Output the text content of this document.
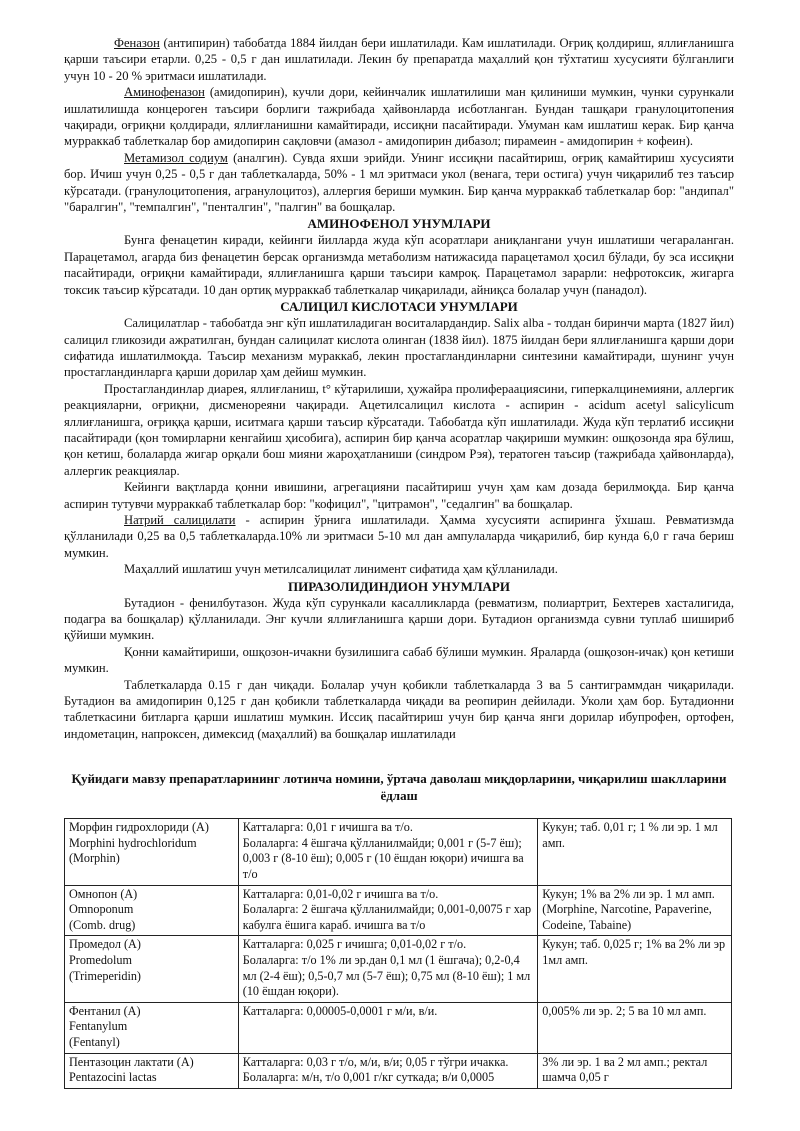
Феназон (антипирин) табобатда 1884 йилдан бери ишлатилади. Кам ишлатилади. Оғриқ қолдириш, яллиғланишга қарши таъсири етарли. 0,25 - 0,5 г дан ишлатилади. Лекин бу препаратда маҳаллий қон тўхтатиш хусусияти бўлганлиги учун 10 - 20 % эритмаси ишлатилади.

Аминофеназон (амидопирин), кучли дори, кейинчалик ишлатилиши ман қилиниши мумкин, чунки сурункали ишлатилишда концероген таъсири борлиги тажрибада ҳайвонларда исботланган. Бундан ташқари гранулоцитопения чақиради, оғриқни қолдиради, яллиғланишни камайтиради, иссиқни пасайтиради. Умуман кам ишлатиш керак. Бир қанча мурраккаб таблеткалар бор амидопирин сақловчи (амазол - амидопирин дибазол; пирамеин - амидопирин + кофеин).

Метамизол содиум (аналгин). Сувда яхши эрийди. Унинг иссиқни пасайтириш, оғриқ камайтириш хусусияти бор. Ичиш учун 0,25 - 0,5 г дан таблеткаларда, 50% - 1 мл эритмаси укол (венага, тери остига) учун чиқарилиб тез таъсир кўрсатади. (гранулоцитопения, агранулоцитоз), аллергия бериши мумкин. Бир қанча мурраккаб таблеткалар бор: "андипал" "баралгин", "темпалгин", "пенталгин", "палгин" ва бошқалар.

АМИНОФЕНОЛ УНУМЛАРИ

Бунга фенацетин киради, кейинги йилларда жуда кўп асоратлари аниқлангани учун ишлатиши чегараланган. Парацетамол, агарда биз фенацетин берсак организмда метаболизм натижасида парацетамол ҳосил бўлади, бу эса иссиқни пасайтиради, оғриқни камайтиради, яллиғланишга қарши таъсири камроқ. Парацетамол зарарли: нефротоксик, жигарга токсик таъсир кўрсатади. 10 дан ортиқ мурраккаб таблеткалар чиқарилади, айниқса болалар учун (панадол).

САЛИЦИЛ КИСЛОТАСИ УНУМЛАРИ

Салицилатлар - табобатда энг кўп ишлатиладиган воситалардандир. Salix alba - толдан биринчи марта (1827 йил) салицил гликозиди ажратилган, бундан салицилат кислота олинган (1838 йил). 1875 йилдан бери яллиғланишга қарши дори сифатида ишлатилмоқда. Таъсир механизм мураккаб, лекин простагландинларни синтезини камайтиради, шунинг учун простагландинларга қарши дорилар ҳам дейиш мумкин.

Простагландинлар диарея, яллиғланиш, t° кўтарилиши, ҳужайра пролифераациясини, гиперкалцинемияни, аллергик реакцияларни, оғриқни, дисменореяни чақиради. Ацетилсалицил кислота - аспирин - acidum acetyl salicylicum яллиғланишга, оғриққа қарши, иситмага қарши таъсир кўрсатади. Табобатда кўп ишлатилади. Жуда кўп терлатиб иссиқни пасайтиради (қон томирларни кенгайиш ҳисобига), аспирин бир қанча асоратлар чақириши мумкин: ошқозонда яра бўлиш, қон кетиш, болаларда жигар орқали бош мияни жароҳатланиши (синдром Рэя), тератоген таъсир (тажрибада ҳайвонларда), аллергик реакциялар.

Кейинги вақтларда қонни ивишини, агрегацияни пасайтириш учун ҳам кам дозада берилмоқда. Бир қанча аспирин тутувчи мурраккаб таблеткалар бор: "кофицил", "цитрамон", "седалгин" ва бошқалар.

Натрий салицилати - аспирин ўрнига ишлатилади. Ҳамма хусусияти аспиринга ўхшаш. Ревматизмда қўлланилади 0,25 ва 0,5 таблеткаларда.10% ли эритмаси 5-10 мл дан ампулаларда чиқарилиб, бир кунда 6,0 г гача бериш мумкин.

Маҳаллий ишлатиш учун метилсалицилат линимент сифатида ҳам қўлланилади.

ПИРАЗОЛИДИНДИОН УНУМЛАРИ

Бутадион - фенилбутазон. Жуда кўп сурункали касалликларда (ревматизм, полиартрит, Бехтерев хасталигида, подагра ва бошқалар) қўлланилади. Энг кучли яллиғланишга қарши дори. Бутадион организмда сувни туплаб шишириб қўйиши мумкин.

Қонни камайтириши, ошқозон-ичакни бузилишига сабаб бўлиши мумкин. Яраларда (ошқозон-ичак) қон кетиши мумкин.

Таблеткаларда 0.15 г дан чиқади. Болалар учун қобикли таблеткаларда 3 ва 5 сантиграммдан чиқарилади. Бутадион ва амидопирин 0,125 г дан қобикли таблеткаларда чиқади ва реопирин дейилади. Уколи ҳам бор. Бутадионни таблеткасини битларга қарши ишлатиш мумкин. Иссиқ пасайтириш учун бир қанча янги дорилар ибупрофен, ортофен, индометацин, напроксен, димексид (маҳаллий) ва бошқалар ишлатилади

Қуйидаги мавзу препаратларининг лотинча номини, ўртача даволаш миқдорларини, чиқарилиш шаклларини ёдлаш
Морфин гидрохлориди (А)
Morphini hydrochloridum
(Morphin)	Катталарга: 0,01 г ичишга ва т/о.
Болаларга: 4 ёшгача қўлланилмайди; 0,001 г (5-7 ёш); 0,003 г (8-10 ёш); 0,005 г (10 ёшдан юқори) ичишга ва т/о	Кукун; таб. 0,01 г; 1 % ли эр. 1 мл амп.

Омнопон (А)
Omnoponum
(Comb. drug)	Катталарга: 0,01-0,02 г ичишга ва т/о.
Болаларга: 2 ёшгача қўлланилмайди; 0,001-0,0075 г хар кабулга ёшига караб. ичишга ва т/о	Кукун; 1% ва 2% ли эр. 1 мл амп. (Morphine, Narcotine, Papaverine, Codeine, Tabaine)

Промедол (А)
Promedolum
(Trimeperidin)	Катталарга: 0,025 г ичишга; 0,01-0,02 г т/о.
Болаларга: т/о 1% ли эр.дан 0,1 мл (1 ёшгача); 0,2-0,4 мл (2-4 ёш); 0,5-0,7 мл (5-7 ёш); 0,75 мл (8-10 ёш); 1 мл (10 ёшдан юқори).	Кукун; таб. 0,025 г; 1% ва 2% ли эр 1мл амп.

Фентанил (А)
Fentanylum
(Fentanyl)	Катталарга: 0,00005-0,0001 г м/и, в/и.	0,005% ли эр. 2; 5 ва 10 мл амп.

Пентазоцин лактати (А)
Pentazocini lactas	Катталарга: 0,03 г т/о, м/и, в/и; 0,05 г тўгри ичакка.
Болаларга: м/н, т/о 0,001 г/кг суткада; в/и 0,0005	3% ли эр. 1 ва 2 мл амп.; ректал шамча 0,05 г
